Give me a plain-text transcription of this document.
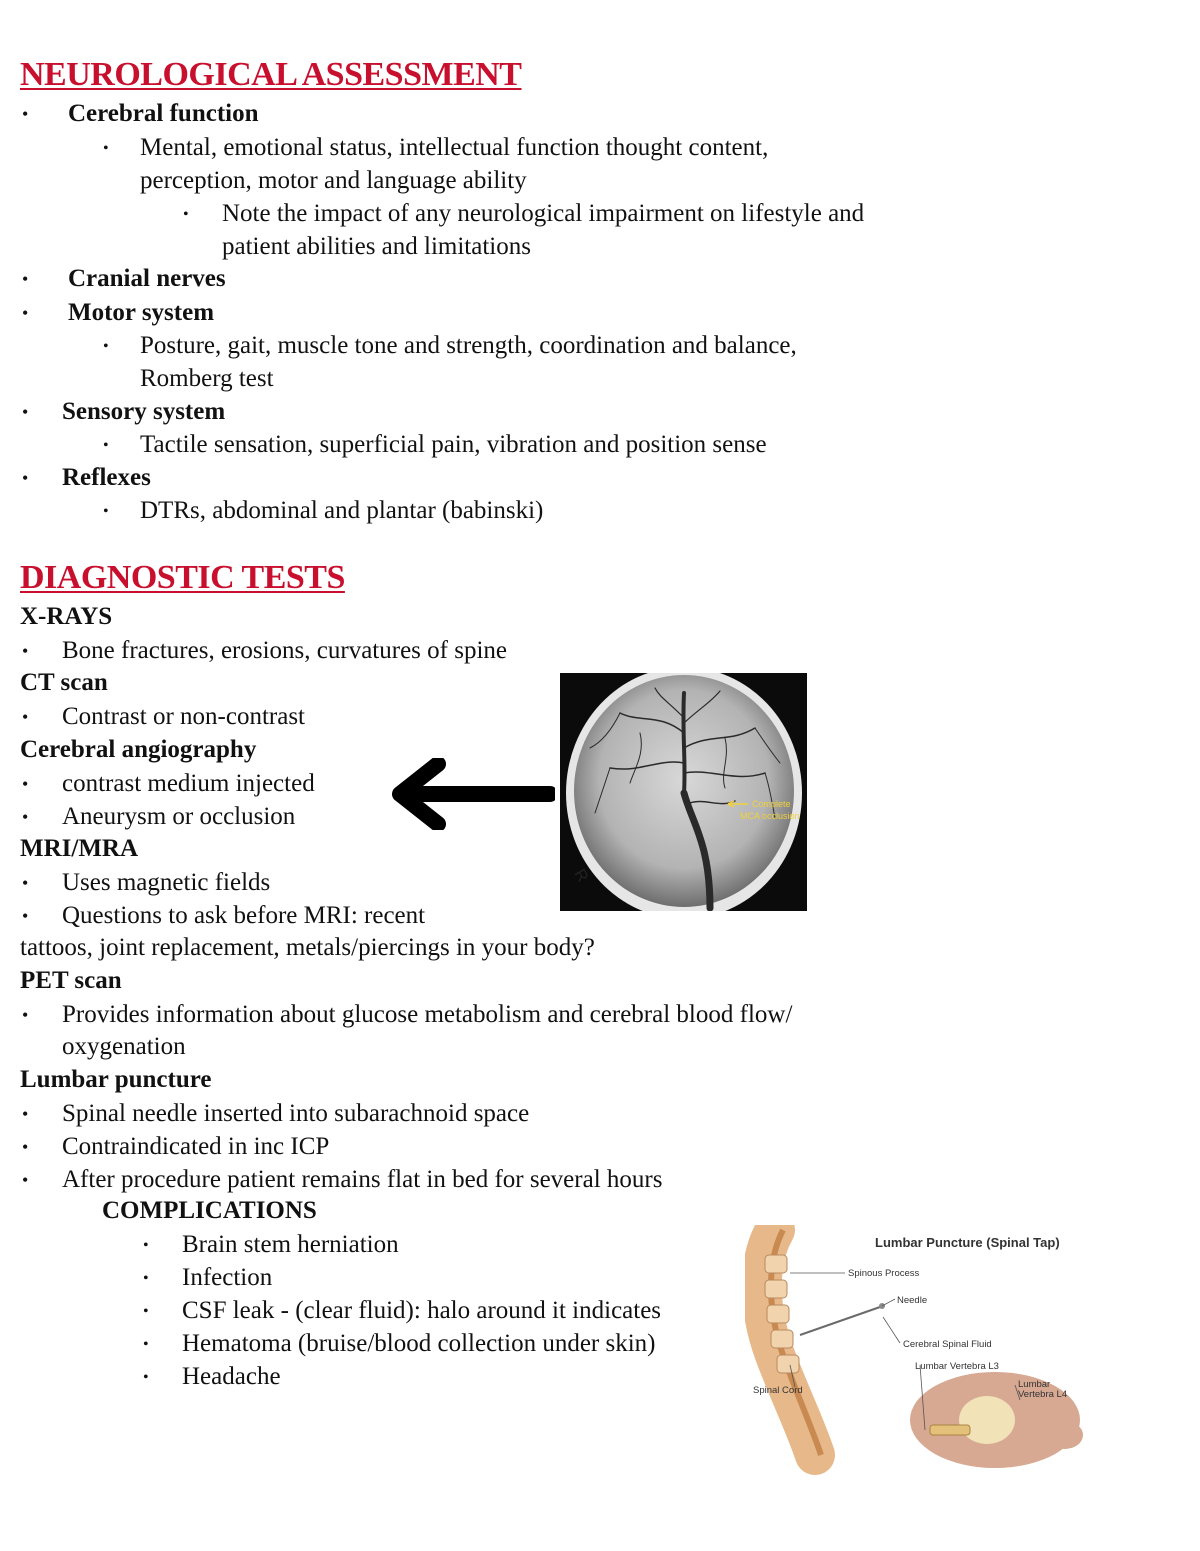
NEUROLOGICAL ASSESSMENT
• Cerebral function
• Mental, emotional status, intellectual function thought content,
perception, motor and language ability
• Note the impact of any neurological impairment on lifestyle and
patient abilities and limitations
• Cranial nerves
• Motor system
• Posture, gait, muscle tone and strength, coordination and balance,
Romberg test
• Sensory system
• Tactile sensation, superficial pain, vibration and position sense
• Reflexes
• DTRs, abdominal and plantar (babinski)
DIAGNOSTIC TESTS
X-RAYS
• Bone fractures, erosions, curvatures of spine
CT scan
• Contrast or non-contrast
Cerebral angiography
• contrast medium injected
• Aneurysm or occlusion
MRI/MRA
• Uses magnetic fields
• Questions to ask before MRI: recent
tattoos, joint replacement, metals/piercings in your body?
PET scan
• Provides information about glucose metabolism and cerebral blood flow/
oxygenation
Lumbar puncture
• Spinal needle inserted into subarachnoid space
• Contraindicated in inc ICP
• After procedure patient remains flat in bed for several hours
COMPLICATIONS
• Brain stem herniation
• Infection
• CSF leak - (clear fluid): halo around it indicates
• Hematoma (bruise/blood collection under skin)
• Headache
Complete
MCA occlusion
R
Lumbar Puncture (Spinal Tap)
Spinous Process
Needle
Cerebral Spinal Fluid
Lumbar Vertebra L3
Lumbar
Vertebra L4
Spinal Cord
